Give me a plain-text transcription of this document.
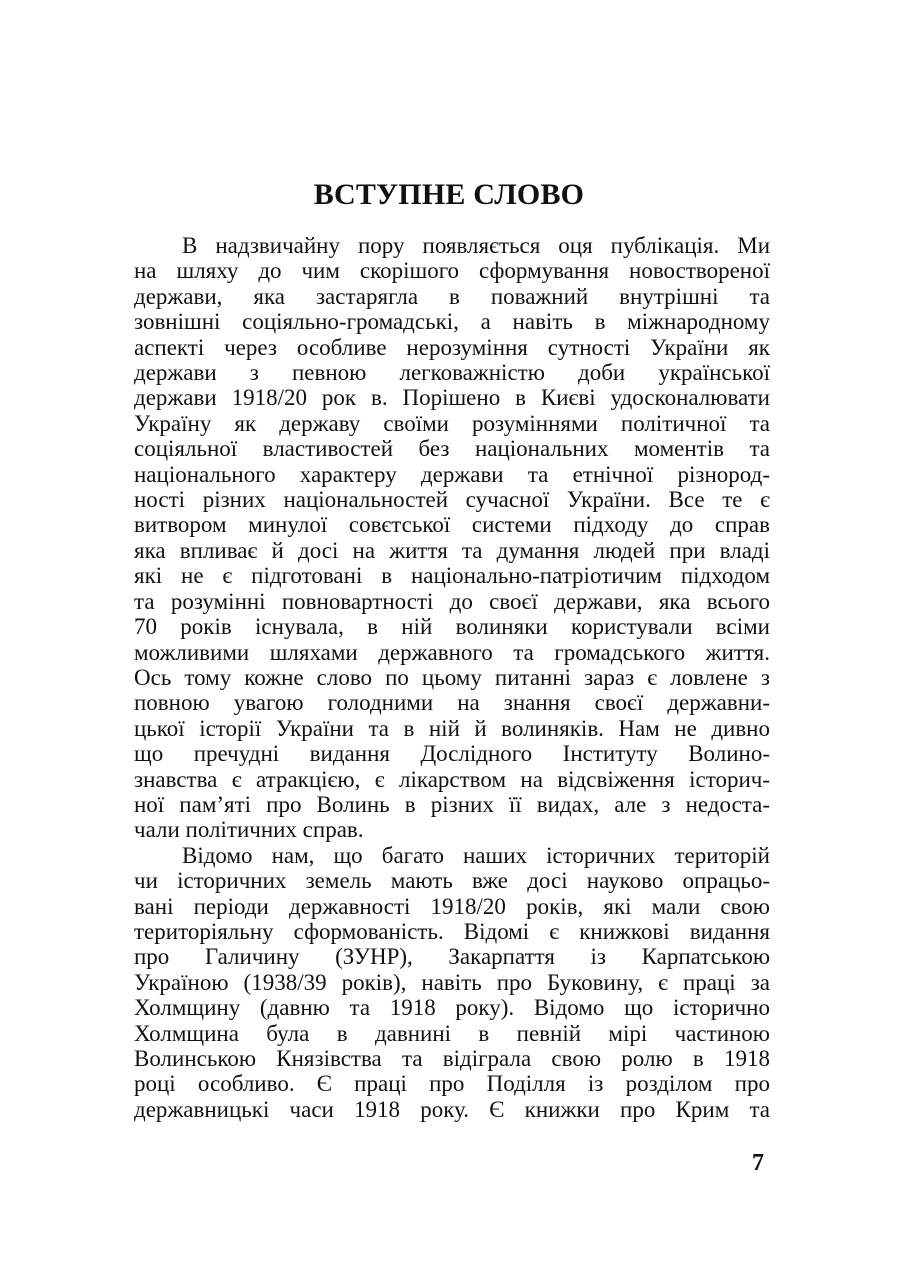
ВСТУПНЕ СЛОВО

В надзвичайну пору появляється оця публікація. Ми
на шляху до чим скорішого сформування новоствореної
держави, яка застарягла в поважний внутрішні та
зовнішні соціяльно-громадські, а навіть в міжнародному
аспекті через особливе нерозуміння сутності України як
держави з певною легковажністю доби української
держави 1918/20 рок в. Порішено в Києві удосконалювати
Україну як державу своїми розуміннями політичної та
соціяльної властивостей без національних моментів та
національного характеру держави та етнічної різнород-
ності різних національностей сучасної України. Все те є
витвором минулої совєтської системи підходу до справ
яка впливає й досі на життя та думання людей при владі
які не є підготовані в національно-патріотичим підходом
та розумінні повновартності до своєї держави, яка всього
70 років існувала, в ній волиняки користували всіми
можливими шляхами державного та громадського життя.
Ось тому кожне слово по цьому питанні зараз є ловлене з
повною увагою голодними на знання своєї державни-
цької історії України та в ній й волиняків. Нам не дивно
що пречудні видання Дослідного Інституту Волино-
знавства є атракцією, є лікарством на відсвіження історич-
ної пам’яті про Волинь в різних її видах, але з недоста-
чали політичних справ.

Відомо нам, що багато наших історичних територій
чи історичних земель мають вже досі науково опрацьо-
вані періоди державності 1918/20 років, які мали свою
територіяльну сформованість. Відомі є книжкові видання
про Галичину (ЗУНР), Закарпаття із Карпатською
Україною (1938/39 років), навіть про Буковину, є праці за
Холмщину (давню та 1918 року). Відомо що історично
Холмщина була в давнині в певній мірі частиною
Волинською Князівства та відіграла свою ролю в 1918
році особливо. Є праці про Поділля із розділом про
державницькі часи 1918 року. Є книжки про Крим та

7
